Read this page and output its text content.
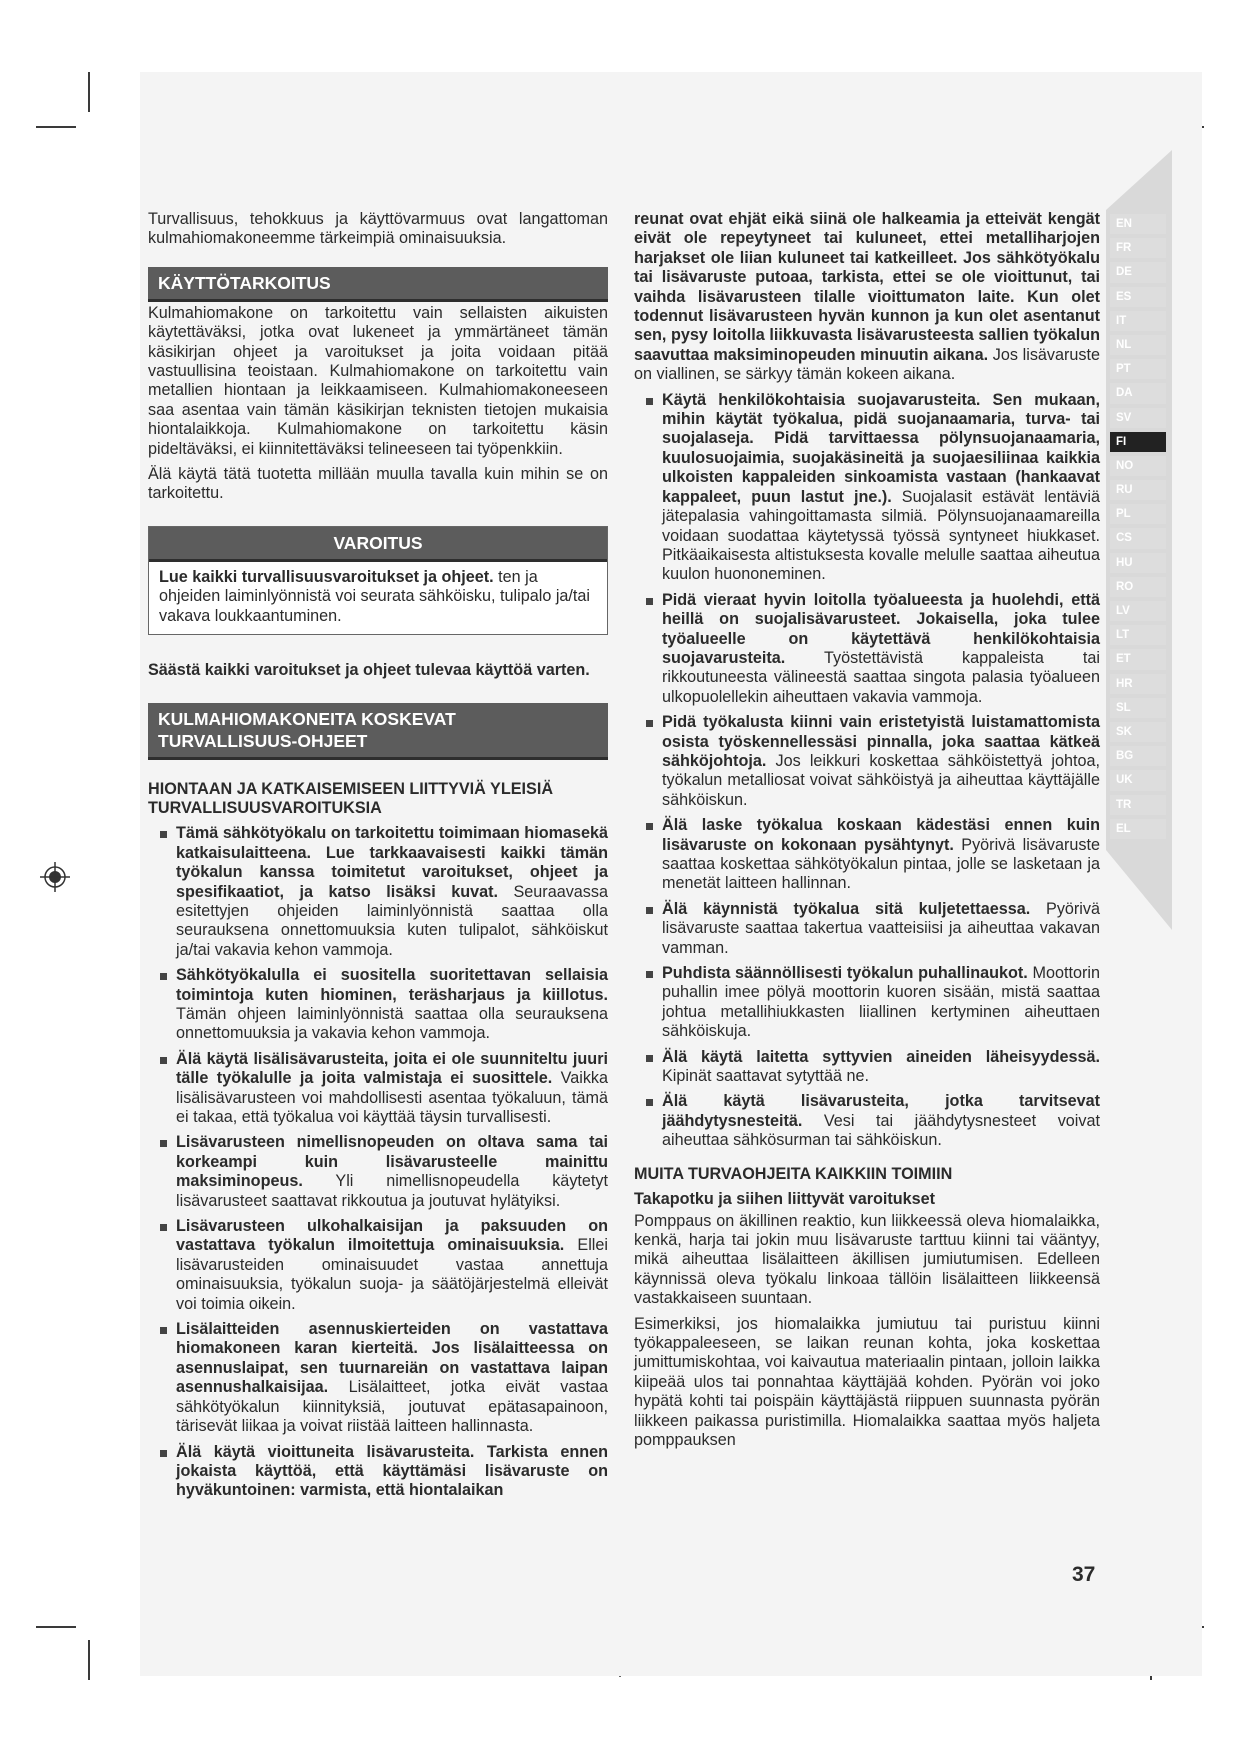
EN
FR
DE
ES
IT
NL
PT
DA
SV
FI
NO
RU
PL
CS
HU
RO
LV
LT
ET
HR
SL
SK
BG
UK
TR
EL

Turvallisuus, tehokkuus ja käyttövarmuus ovat langattoman kulmahiomakoneemme tärkeimpiä ominaisuuksia.

KÄYTTÖTARKOITUS

Kulmahiomakone on tarkoitettu vain sellaisten aikuisten käytettäväksi, jotka ovat lukeneet ja ymmärtäneet tämän käsikirjan ohjeet ja varoitukset ja joita voidaan pitää vastuullisina teoistaan. Kulmahiomakone on tarkoitettu vain metallien hiontaan ja leikkaamiseen. Kulmahiomakoneeseen saa asentaa vain tämän käsikirjan teknisten tietojen mukaisia hiontalaikkoja. Kulmahiomakone on tarkoitettu käsin pideltäväksi, ei kiinnitettäväksi telineeseen tai työpenkkiin.

Älä käytä tätä tuotetta millään muulla tavalla kuin mihin se on tarkoitettu.

VAROITUS
Lue kaikki turvallisuusvaroitukset ja ohjeet. ten ja ohjeiden laiminlyönnistä voi seurata sähköisku, tulipalo ja/tai vakava loukkaantuminen.

Säästä kaikki varoitukset ja ohjeet tulevaa käyttöä varten.

KULMAHIOMAKONEITA KOSKEVAT TURVALLISUUS-OHJEET
HIONTAAN JA KATKAISEMISEEN LIITTYVIÄ YLEISIÄ TURVALLISUUSVAROITUKSIA
Tämä sähkötyökalu on tarkoitettu toimimaan hiomasekä katkaisulaitteena. Lue tarkkaavaisesti kaikki tämän työkalun kanssa toimitetut varoitukset, ohjeet ja spesifikaatiot, ja katso lisäksi kuvat. Seuraavassa esitettyjen ohjeiden laiminlyönnistä saattaa olla seurauksena onnettomuuksia kuten tulipalot, sähköiskut ja/tai vakavia kehon vammoja.
Sähkötyökalulla ei suositella suoritettavan sellaisia toimintoja kuten hiominen, teräsharjaus ja kiillotus. Tämän ohjeen laiminlyönnistä saattaa olla seurauksena onnettomuuksia ja vakavia kehon vammoja.
Älä käytä lisälisävarusteita, joita ei ole suunniteltu juuri tälle työkalulle ja joita valmistaja ei suosittele. Vaikka lisälisävarusteen voi mahdollisesti asentaa työkaluun, tämä ei takaa, että työkalua voi käyttää täysin turvallisesti.
Lisävarusteen nimellisnopeuden on oltava sama tai korkeampi kuin lisävarusteelle mainittu maksiminopeus. Yli nimellisnopeudella käytetyt lisävarusteet saattavat rikkoutua ja joutuvat hylätyiksi.
Lisävarusteen ulkohalkaisijan ja paksuuden on vastattava työkalun ilmoitettuja ominaisuuksia. Ellei lisävarusteiden ominaisuudet vastaa annettuja ominaisuuksia, työkalun suoja- ja säätöjärjestelmä elleivät voi toimia oikein.
Lisälaitteiden asennuskierteiden on vastattava hiomakoneen karan kierteitä. Jos lisälaitteessa on asennuslaipat, sen tuurnareiän on vastattava laipan asennushalkaisijaa. Lisälaitteet, jotka eivät vastaa sähkötyökalun kiinnityksiä, joutuvat epätasapainoon, tärisevät liikaa ja voivat riistää laitteen hallinnasta.
Älä käytä vioittuneita lisävarusteita. Tarkista ennen jokaista käyttöä, että käyttämäsi lisävaruste on hyväkuntoinen: varmista, että hiontalaikan

reunat ovat ehjät eikä siinä ole halkeamia ja etteivät kengät eivät ole repeytyneet tai kuluneet, ettei metalliharjojen harjakset ole liian kuluneet tai katkeilleet. Jos sähkötyökalu tai lisävaruste putoaa, tarkista, ettei se ole vioittunut, tai vaihda lisävarusteen tilalle vioittumaton laite. Kun olet todennut lisävarusteen hyvän kunnon ja kun olet asentanut sen, pysy loitolla liikkuvasta lisävarusteesta sallien työkalun saavuttaa maksiminopeuden minuutin aikana. Jos lisävaruste on viallinen, se särkyy tämän kokeen aikana.

Käytä henkilökohtaisia suojavarusteita. Sen mukaan, mihin käytät työkalua, pidä suojanaamaria, turva- tai suojalaseja. Pidä tarvittaessa pölynsuojanaamaria, kuulosuojaimia, suojakäsineitä ja suojaesiliinaa kaikkia ulkoisten kappaleiden sinkoamista vastaan (hankaavat kappaleet, puun lastut jne.). Suojalasit estävät lentäviä jätepalasia vahingoittamasta silmiä. Pölynsuojanaamareilla voidaan suodattaa käytetyssä työssä syntyneet hiukkaset. Pitkäaikaisesta altistuksesta kovalle melulle saattaa aiheutua kuulon huononeminen.
Pidä vieraat hyvin loitolla työalueesta ja huolehdi, että heillä on suojalisävarusteet. Jokaisella, joka tulee työalueelle on käytettävä henkilökohtaisia suojavarusteita. Työstettävistä kappaleista tai rikkoutuneesta välineestä saattaa singota palasia työalueen ulkopuolellekin aiheuttaen vakavia vammoja.
Pidä työkalusta kiinni vain eristetyistä luistamattomista osista työskennellessäsi pinnalla, joka saattaa kätkeä sähköjohtoja. Jos leikkuri koskettaa sähköistettyä johtoa, työkalun metalliosat voivat sähköistyä ja aiheuttaa käyttäjälle sähköiskun.
Älä laske työkalua koskaan kädestäsi ennen kuin lisävaruste on kokonaan pysähtynyt. Pyörivä lisävaruste saattaa koskettaa sähkötyökalun pintaa, jolle se lasketaan ja menetät laitteen hallinnan.
Älä käynnistä työkalua sitä kuljetettaessa. Pyörivä lisävaruste saattaa takertua vaatteisiisi ja aiheuttaa vakavan vamman.
Puhdista säännöllisesti työkalun puhallinaukot. Moottorin puhallin imee pölyä moottorin kuoren sisään, mistä saattaa johtua metallihiukkasten liiallinen kertyminen aiheuttaen sähköiskuja.
Älä käytä laitetta syttyvien aineiden läheisyydessä. Kipinät saattavat sytyttää ne.
Älä käytä lisävarusteita, jotka tarvitsevat jäähdytysnesteitä. Vesi tai jäähdytysnesteet voivat aiheuttaa sähkösurman tai sähköiskun.
MUITA TURVAOHJEITA KAIKKIIN TOIMIIN
Takapotku ja siihen liittyvät varoitukset

Pomppaus on äkillinen reaktio, kun liikkeessä oleva hiomalaikka, kenkä, harja tai jokin muu lisävaruste tarttuu kiinni tai vääntyy, mikä aiheuttaa lisälaitteen äkillisen jumiutumisen. Edelleen käynnissä oleva työkalu linkoaa tällöin lisälaitteen liikkeensä vastakkaiseen suuntaan.

Esimerkiksi, jos hiomalaikka jumiutuu tai puristuu kiinni työkappaleeseen, se laikan reunan kohta, joka koskettaa jumittumiskohtaa, voi kaivautua materiaalin pintaan, jolloin laikka kiipeää ulos tai ponnahtaa käyttäjää kohden. Pyörän voi joko hypätä kohti tai poispäin käyttäjästä riippuen suunnasta pyörän liikkeen paikassa puristimilla. Hiomalaikka saattaa myös haljeta pomppauksen

37
